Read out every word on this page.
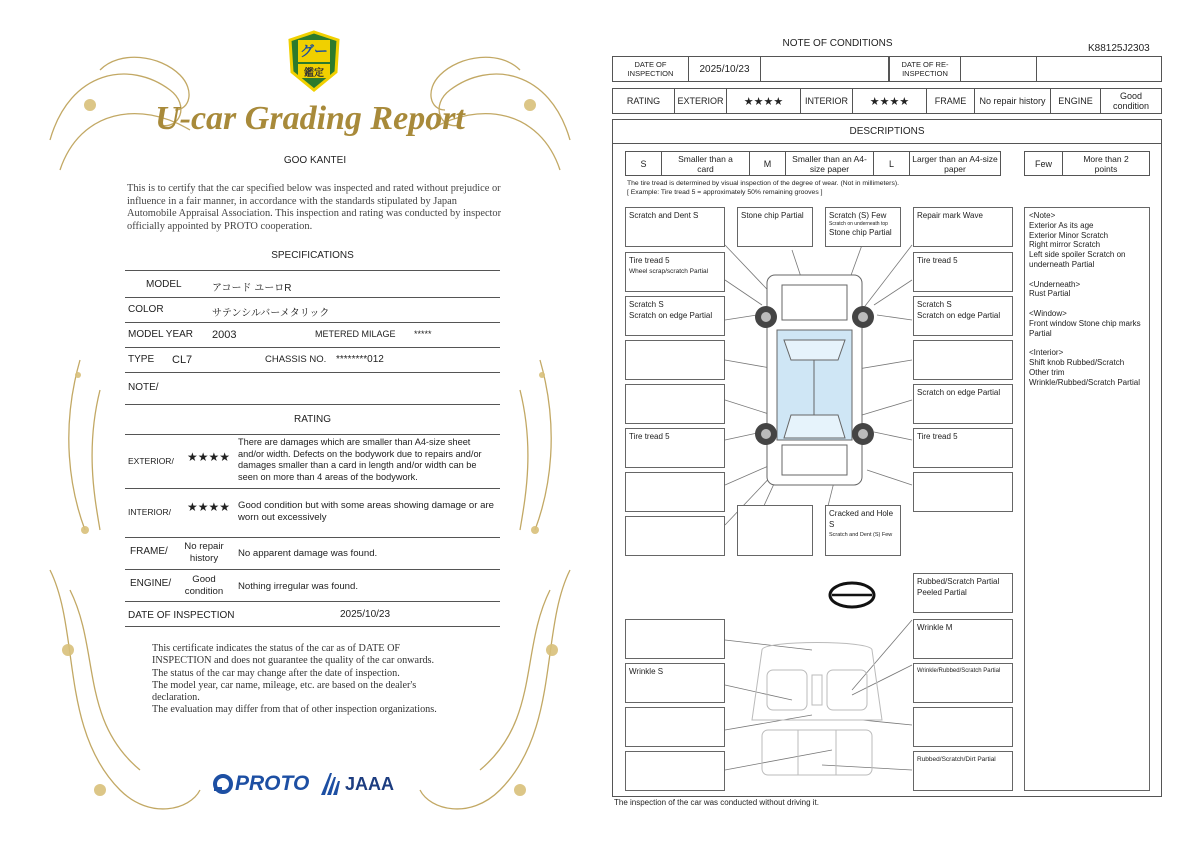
グー
鑑定
U-car Grading Report
GOO KANTEI
This is to certify that the car specified below was inspected and rated without prejudice or influence in a fair manner, in accordance with the standards stipulated by Japan Automobile Appraisal Association. This inspection and rating was conducted by inspector officially appointed by PROTO cooperation.
SPECIFICATIONS
MODEL	アコード ユーロR
COLOR	サテンシルバーメタリック
MODEL YEAR 2003	METERED MILAGE *****
TYPE CL7	CHASSIS NO. ********012
NOTE/
RATING
EXTERIOR/ ★★★★
There are damages which are smaller than A4-size sheet and/or width. Defects on the bodywork due to repairs and/or damages smaller than a card in length and/or width can be seen on more than 4 areas of the bodywork.
INTERIOR/ ★★★★ Good condition but with some areas showing damage or are worn out excessively
FRAME/	No repair history	No apparent damage was found.
ENGINE/	Good condition	Nothing irregular was found.
DATE OF INSPECTION	2025/10/23
This certificate indicates the status of the car as of DATE OF
INSPECTION and does not guarantee the quality of the car onwards.
The status of the car may change after the date of inspection.
The model year, car name, mileage, etc. are based on the dealer's
declaration.
The evaluation may differ from that of other inspection organizations.
PROTO JAAA
NOTE OF CONDITIONS	K88125J2303
DATE OF INSPECTION	2025/10/23	DATE OF RE-INSPECTION
RATING	EXTERIOR	★★★★	INTERIOR	★★★★	FRAME	No repair history	ENGINE	Good condition
DESCRIPTIONS
S	Smaller than a card	M	Smaller than an A4-size paper	L	Larger than an A4-size paper	Few	More than 2 points
The tire tread is determined by visual inspection of the degree of wear. (Not in millimeters).
[ Example: Tire tread 5 = approximately 50% remaining grooves ]
Scratch and Dent S	Stone chip Partial	Scratch (S) Few
Scratch on underneath top
Stone chip Partial
Repair mark Wave
Tire tread 5
Wheel scrap/scratch Partial
Scratch S
Scratch on edge Partial
Tire tread 5
Cracked and Hole S
Scratch and Dent (S) Few
Wrinkle S
Tire tread 5
Scratch S
Scratch on edge Partial
Scratch on edge Partial
Tire tread 5
Rubbed/Scratch Partial
Peeled Partial
Wrinkle M
Wrinkle/Rubbed/Scratch Partial
Rubbed/Scratch/Dirt Partial
<Note>
Exterior As its age
Exterior Minor Scratch
Right mirror Scratch
Left side spoiler Scratch on underneath Partial
<Underneath>
Rust Partial
<Window>
Front window Stone chip marks Partial
<Interior>
Shift knob Rubbed/Scratch
Other trim
Wrinkle/Rubbed/Scratch Partial
The inspection of the car was conducted without driving it.
